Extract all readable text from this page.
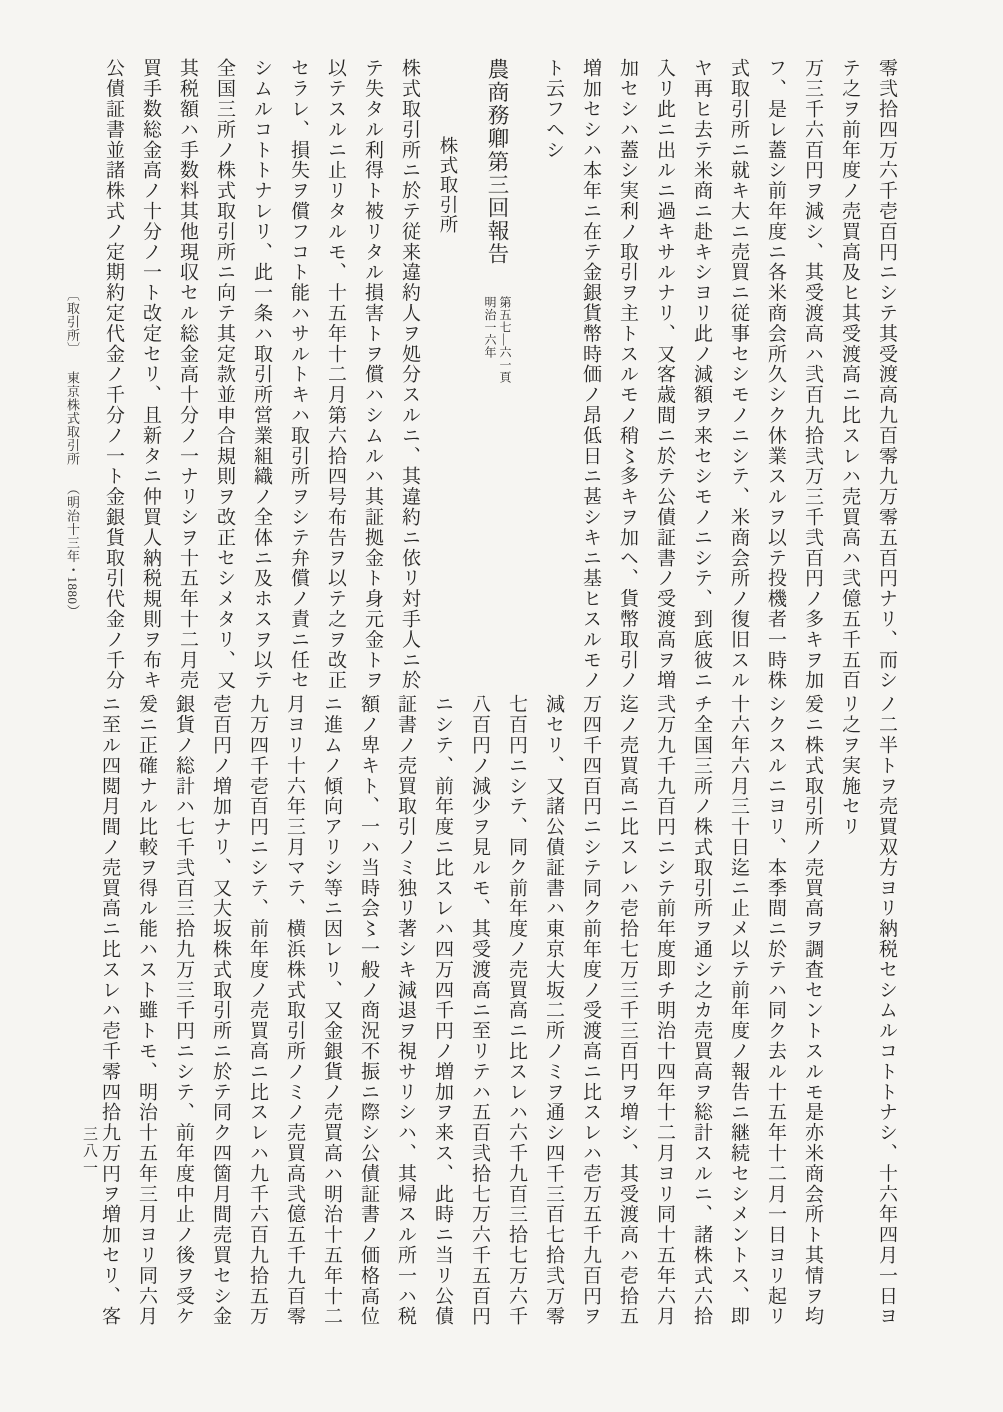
〔取引所〕 東京株式取引所 （明治十三年・1880）	零弐拾四万六千壱百円ニシテ其受渡高九百零九万零五百円ナリ、而シ
テ之ヲ前年度ノ売買高及ヒ其受渡高ニ比スレハ売買高ハ弐億五千五百
万三千六百円ヲ減シ、其受渡高ハ弐百九拾弐万三千弐百円ノ多キヲ加
フ、是レ蓋シ前年度ニ各米商会所久シク休業スルヲ以テ投機者一時株
式取引所ニ就キ大ニ売買ニ従事セシモノニシテ、米商会所ノ復旧スル
ヤ再ヒ去テ米商ニ赴キシヨリ此ノ減額ヲ来セシモノニシテ、到底彼ニ
入リ此ニ出ルニ過キサルナリ、又客歳間ニ於テ公債証書ノ受渡高ヲ増
加セシハ蓋シ実利ノ取引ヲ主トスルモノ稍〻多キヲ加ヘ、貨幣取引ノ
増加セシハ本年ニ在テ金銀貨幣時価ノ昂低日ニ甚シキニ基ヒスルモノ
ト云フヘシ
農商務卿第三回報告
第五七—六一頁
明治一六年
株式取引所
株式取引所ニ於テ従来違約人ヲ処分スルニ、其違約ニ依リ対手人ニ於
テ失タル利得ト被リタル損害トヲ償ハシムルハ其証拠金ト身元金トヲ
以テスルニ止リタルモ、十五年十二月第六拾四号布告ヲ以テ之ヲ改正
セラレ、損失ヲ償フコト能ハサルトキハ取引所ヲシテ弁償ノ責ニ任セ
シムルコトトナレリ、此一条ハ取引所営業組織ノ全体ニ及ホスヲ以テ
全国三所ノ株式取引所ニ向テ其定款並申合規則ヲ改正セシメタリ、又
其税額ハ手数料其他現収セル総金高十分ノ一ナリシヲ十五年十二月売
買手数総金高ノ十分ノ一ト改定セリ、且新タニ仲買人納税規則ヲ布キ
公債証書並諸株式ノ定期約定代金ノ千分ノ一ト金銀貨取引代金ノ千分
ノ二半トヲ売買双方ヨリ納税セシムルコトトナシ、十六年四月一日ヨ
リ之ヲ実施セリ
爰ニ株式取引所ノ売買高ヲ調査セントスルモ是亦米商会所ト其情ヲ均
シクスルニヨリ、本季間ニ於テハ同ク去ル十五年十二月一日ヨリ起リ
十六年六月三十日迄ニ止メ以テ前年度ノ報告ニ継続セシメントス、即
チ全国三所ノ株式取引所ヲ通シ之カ売買高ヲ総計スルニ、諸株式六拾
弐万九千九百円ニシテ前年度即チ明治十四年十二月ヨリ同十五年六月
迄ノ売買高ニ比スレハ壱拾七万三千三百円ヲ増シ、其受渡高ハ壱拾五
万四千四百円ニシテ同ク前年度ノ受渡高ニ比スレハ壱万五千九百円ヲ
減セリ、又諸公債証書ハ東京大坂二所ノミヲ通シ四千三百七拾弐万零
七百円ニシテ、同ク前年度ノ売買高ニ比スレハ六千九百三拾七万六千
八百円ノ減少ヲ見ルモ、其受渡高ニ至リテハ五百弐拾七万六千五百円
ニシテ、前年度ニ比スレハ四万四千円ノ増加ヲ来ス、此時ニ当リ公債
証書ノ売買取引ノミ独リ著シキ減退ヲ視サリシハ、其帰スル所一ハ税
額ノ卑キト、一ハ当時会〻一般ノ商況不振ニ際シ公債証書ノ価格高位
ニ進ムノ傾向アリシ等ニ因レリ、又金銀貨ノ売買高ハ明治十五年十二
月ヨリ十六年三月マテ、横浜株式取引所ノミノ売買高弐億五千九百零
九万四千壱百円ニシテ、前年度ノ売買高ニ比スレハ九千六百九拾五万
壱百円ノ増加ナリ、又大坂株式取引所ニ於テ同ク四箇月間売買セシ金
銀貨ノ総計ハ七千弐百三拾九万三千円ニシテ、前年度中止ノ後ヲ受ケ
爰ニ正確ナル比較ヲ得ル能ハスト雖トモ、明治十五年三月ヨリ同六月
ニ至ル四閲月間ノ売買高ニ比スレハ壱千零四拾九万円ヲ増加セリ、客
三八一
